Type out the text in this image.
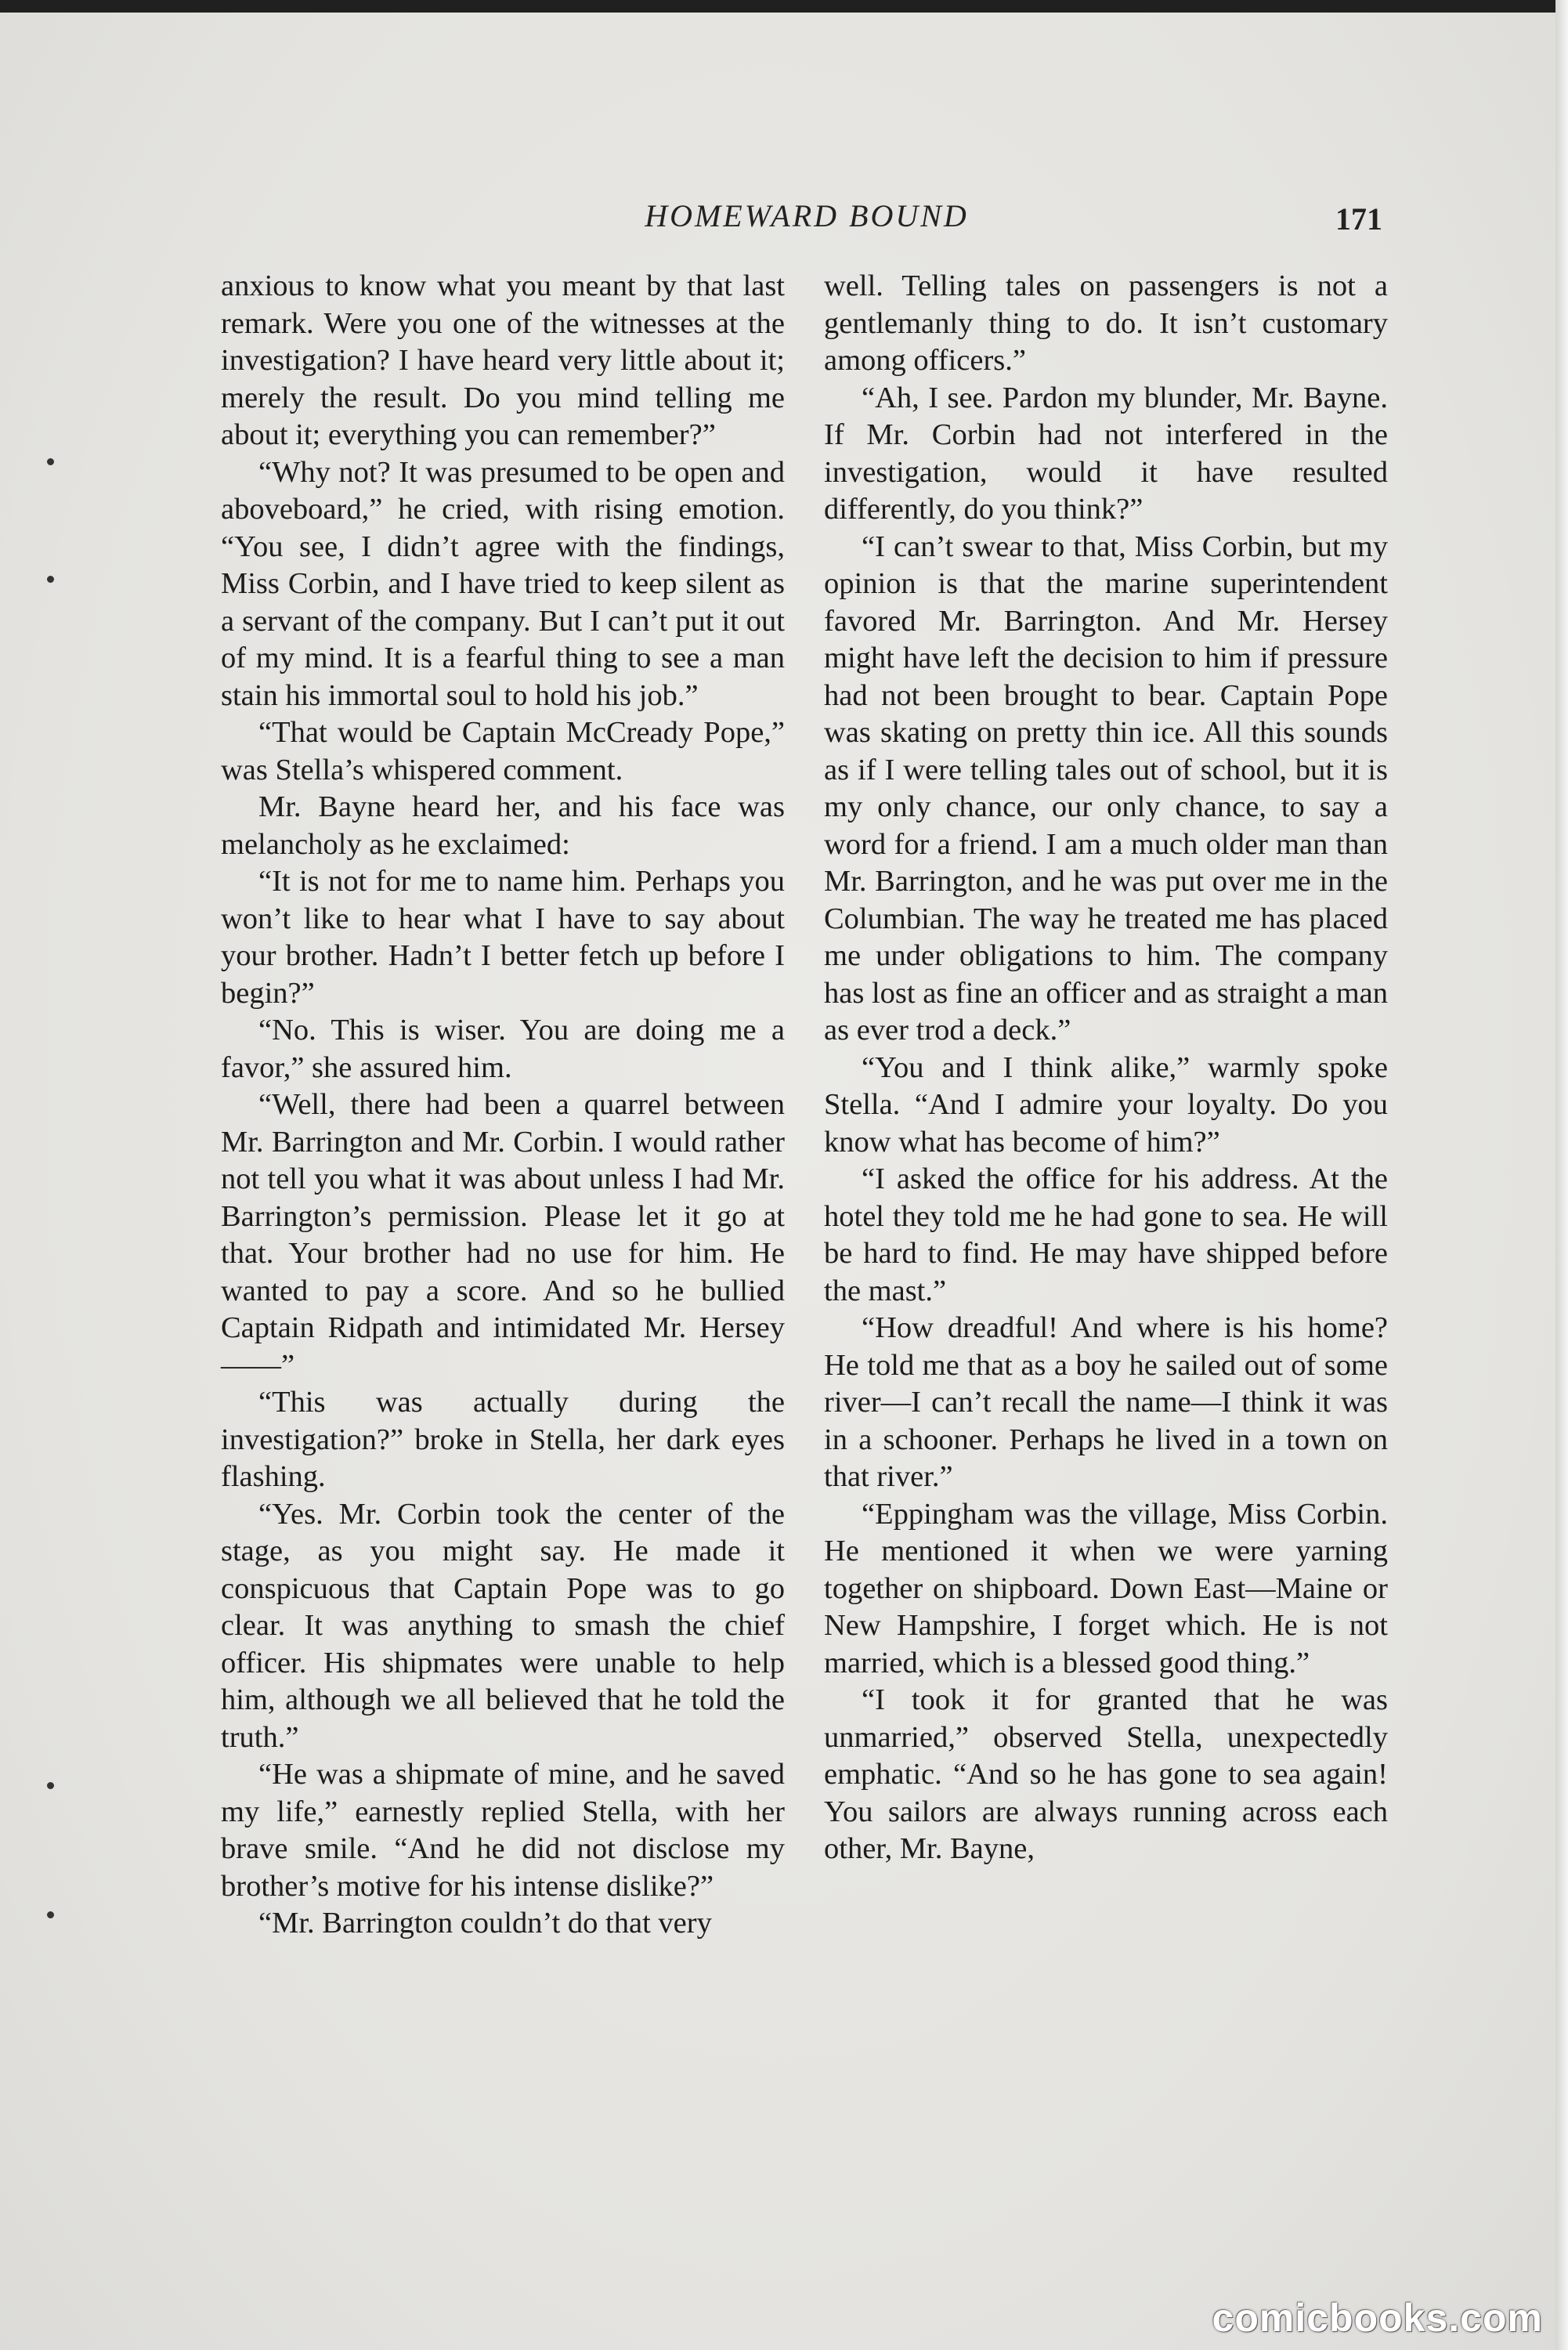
HOMEWARD BOUND	171

anxious to know what you meant by that last remark. Were you one of the witnesses at the investigation? I have heard very little about it; merely the result. Do you mind telling me about it; everything you can remember?”

“Why not? It was presumed to be open and aboveboard,” he cried, with rising emotion. “You see, I didn’t agree with the findings, Miss Corbin, and I have tried to keep silent as a servant of the company. But I can’t put it out of my mind. It is a fearful thing to see a man stain his immortal soul to hold his job.”

“That would be Captain McCready Pope,” was Stella’s whispered comment.

Mr. Bayne heard her, and his face was melancholy as he exclaimed:

“It is not for me to name him. Perhaps you won’t like to hear what I have to say about your brother. Hadn’t I better fetch up before I begin?”

“No. This is wiser. You are doing me a favor,” she assured him.

“Well, there had been a quarrel between Mr. Barrington and Mr. Corbin. I would rather not tell you what it was about unless I had Mr. Barrington’s permission. Please let it go at that. Your brother had no use for him. He wanted to pay a score. And so he bullied Captain Ridpath and intimidated Mr. Hersey——”

“This was actually during the investigation?” broke in Stella, her dark eyes flashing.

“Yes. Mr. Corbin took the center of the stage, as you might say. He made it conspicuous that Captain Pope was to go clear. It was anything to smash the chief officer. His shipmates were unable to help him, although we all believed that he told the truth.”

“He was a shipmate of mine, and he saved my life,” earnestly replied Stella, with her brave smile. “And he did not disclose my brother’s motive for his intense dislike?”

“Mr. Barrington couldn’t do that very

well. Telling tales on passengers is not a gentlemanly thing to do. It isn’t customary among officers.”

“Ah, I see. Pardon my blunder, Mr. Bayne. If Mr. Corbin had not interfered in the investigation, would it have resulted differently, do you think?”

“I can’t swear to that, Miss Corbin, but my opinion is that the marine superintendent favored Mr. Barrington. And Mr. Hersey might have left the decision to him if pressure had not been brought to bear. Captain Pope was skating on pretty thin ice. All this sounds as if I were telling tales out of school, but it is my only chance, our only chance, to say a word for a friend. I am a much older man than Mr. Barrington, and he was put over me in the Columbian. The way he treated me has placed me under obligations to him. The company has lost as fine an officer and as straight a man as ever trod a deck.”

“You and I think alike,” warmly spoke Stella. “And I admire your loyalty. Do you know what has become of him?”

“I asked the office for his address. At the hotel they told me he had gone to sea. He will be hard to find. He may have shipped before the mast.”

“How dreadful! And where is his home? He told me that as a boy he sailed out of some river—I can’t recall the name—I think it was in a schooner. Perhaps he lived in a town on that river.”

“Eppingham was the village, Miss Corbin. He mentioned it when we were yarning together on shipboard. Down East—Maine or New Hampshire, I forget which. He is not married, which is a blessed good thing.”

“I took it for granted that he was unmarried,” observed Stella, unexpectedly emphatic. “And so he has gone to sea again! You sailors are always running across each other, Mr. Bayne,

comicbooks.com
